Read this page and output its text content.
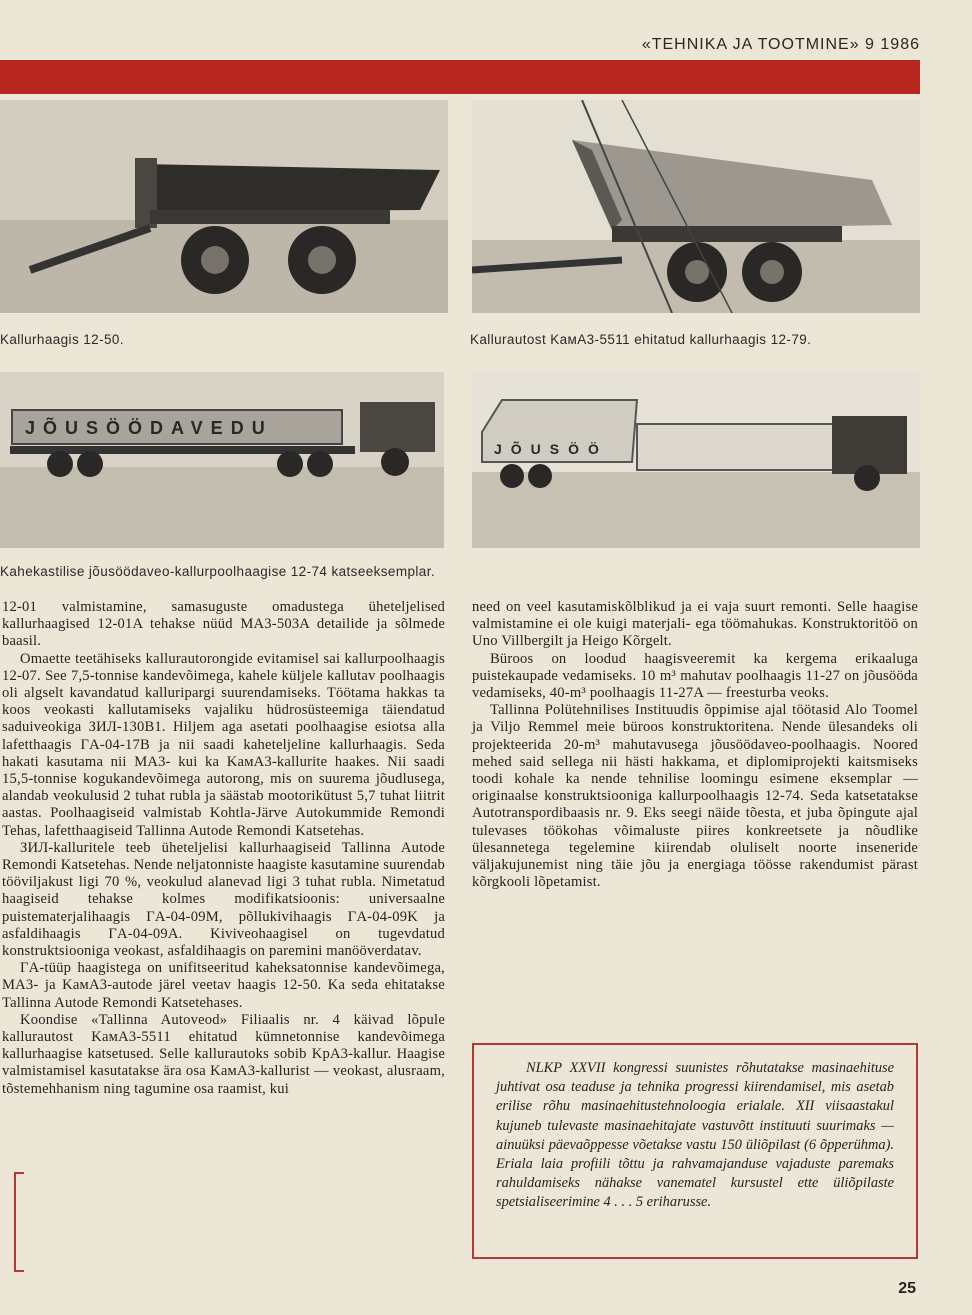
«TEHNIKA JA TOOTMINE» 9 1986
Kallurhaagis 12-50.	Kallurautost KaмA3-5511 ehitatud kallurhaagis 12-79.
JÕUSÖÖDAVEDU
JÕUSÖÖ
Kahekastilise jõusöödaveo-kallurpoolhaagise 12-74 katseeksemplar.

12-01 valmistamine, samasuguste omadustega üheteljelised kallurhaagised 12-01A tehakse nüüd MA3-503A detailide ja sõlmede baasil.

Omaette teetähiseks kallurautorongide evitamisel sai kallurpoolhaagis 12-07. See 7,5-tonnise kandevõimega, kahele küljele kallutav poolhaagis oli algselt kavandatud kalluripargi suurendamiseks. Töötama hakkas ta koos veokasti kallutamiseks vajaliku hüdrosüsteemiga täiendatud saduiveokiga ЗИЛ-130В1. Hiljem aga asetati poolhaagise esiotsa alla lafetthaagis ГA-04-17B ja nii saadi kaheteljeline kallurhaagis. Seda hakati kasutama nii MA3- kui ka KaмA3-kallurite haakes. Nii saadi 15,5-tonnise kogukandevõimega autorong, mis on suurema jõudlusega, alandab veokulusid 2 tuhat rubla ja säästab mootorikütust 5,7 tuhat liitrit aastas. Poolhaagiseid valmistab Kohtla-Järve Autokummide Remondi Tehas, lafetthaagiseid Tallinna Autode Remondi Katsetehas.

ЗИЛ-kalluritele teeb üheteljelisi kallurhaagiseid Tallinna Autode Remondi Katsetehas. Nende neljatonniste haagiste kasutamine suurendab tööviljakust ligi 70 %, veokulud alanevad ligi 3 tuhat rubla. Nimetatud haagiseid tehakse kolmes modifikatsioonis: universaalne puistematerjalihaagis ГA-04-09M, põllukivihaagis ГA-04-09K ja asfaldihaagis ГA-04-09A. Kiviveohaagisel on tugevdatud konstruktsiooniga veokast, asfaldihaagis on paremini manööverdatav.

ГA-tüüp haagistega on unifitseeritud kaheksatonnise kandevõimega, MA3- ja KaмA3-autode järel veetav haagis 12-50. Ka seda ehitatakse Tallinna Autode Remondi Katsetehases.

Koondise «Tallinna Autoveod» Filiaalis nr. 4 käivad lõpule kallurautost KaмA3-5511 ehitatud kümnetonnise kandevõimega kallurhaagise katsetused. Selle kallurautoks sobib KpA3-kallur. Haagise valmistamisel kasutatakse ära osa KaмA3-kallurist — veokast, alusraam, tõstemehhanism ning tagumine osa raamist, kui

need on veel kasutamiskõlblikud ja ei vaja suurt remonti. Selle haagise valmistamine ei ole kuigi materjali- ega töömahukas. Konstruktoritöö on Uno Villbergilt ja Heigo Kõrgelt.

Büroos on loodud haagisveeremit ka kergema erikaaluga puistekaupade vedamiseks. 10 m³ mahutav poolhaagis 11-27 on jõusööda vedamiseks, 40-m³ poolhaagis 11-27A — freesturba veoks.

Tallinna Polütehnilises Instituudis õppimise ajal töötasid Alo Toomel ja Viljo Remmel meie büroos konstruktoritena. Nende ülesandeks oli projekteerida 20-m³ mahutavusega jõusöödaveo-poolhaagis. Noored mehed said sellega nii hästi hakkama, et diplomiprojekti kaitsmiseks toodi kohale ka nende tehnilise loomingu esimene eksemplar — originaalse konstruktsiooniga kallurpoolhaagis 12-74. Seda katsetatakse Autotranspordibaasis nr. 9. Eks seegi näide tõesta, et juba õpingute ajal tulevases töökohas võimaluste piires konkreetsete ja nõudlike ülesannetega tegelemine kiirendab oluliselt noorte inseneride väljakujunemist ning täie jõu ja energiaga töösse rakendumist pärast kõrgkooli lõpetamist.

NLKP XXVII kongressi suunistes rõhutatakse masinaehituse juhtivat osa teaduse ja tehnika progressi kiirendamisel, mis asetab erilise rõhu masinaehitustehnoloogia erialale. XII viisaastakul kujuneb tulevaste masinaehitajate vastuvõtt instituuti suurimaks — ainuüksi päevaõppesse võetakse vastu 150 üliõpilast (6 õpperühma). Eriala laia profiili tõttu ja rahvamajanduse vajaduste paremaks rahuldamiseks nähakse vanematel kursustel ette üliõpilaste spetsialiseerimine 4 . . . 5 eriharusse.

25
